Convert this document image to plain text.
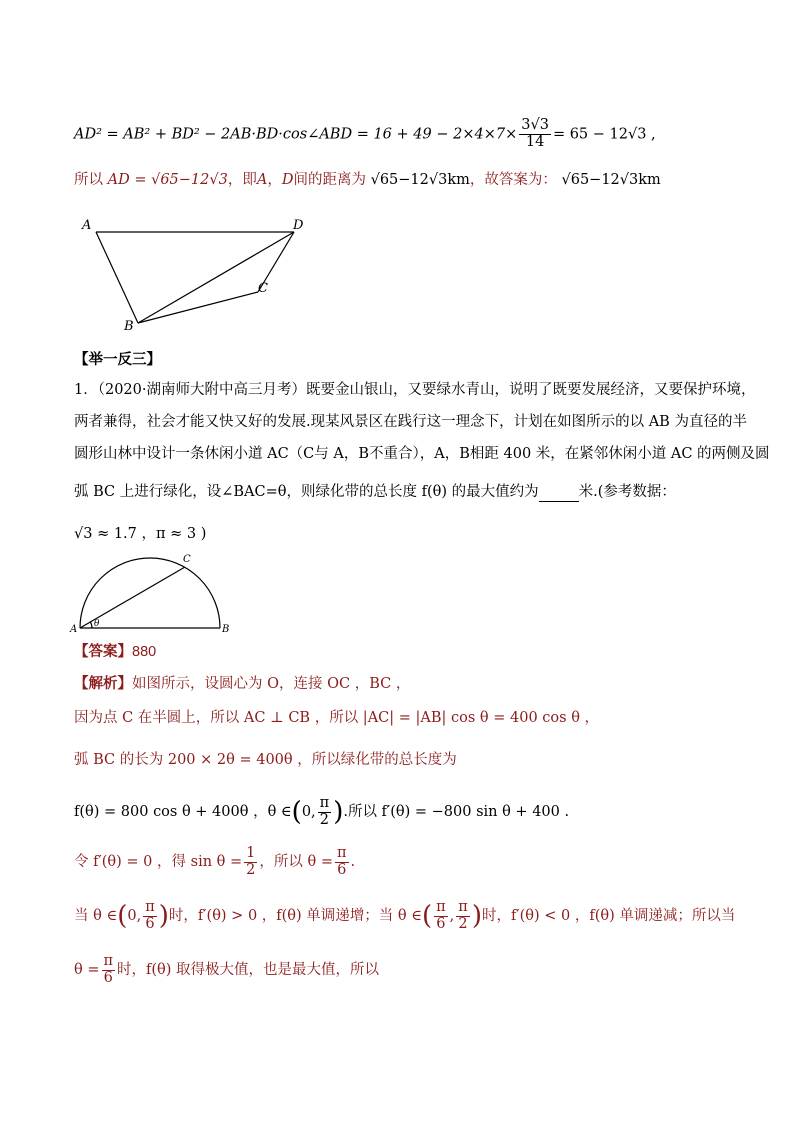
AD² = AB² + BD² − 2AB·BD·cos∠ABD = $16 + 49 - 2\times 4\times 7\times \frac{3√3}{14} = 65 - 12√3$ ,
所以 AD = √65−12√3，即A，D间的距离为 √65−12√3km，故答案为： √65−12√3km
A	D
C
B
【举一反三】
1．（2020·湖南师大附中高三月考）既要金山银山，又要绿水青山，说明了既要发展经济，又要保护环境，
两者兼得，社会才能又快又好的发展.现某风景区在践行这一理念下，计划在如图所示的以 AB 为直径的半
圆形山林中设计一条休闲小道 AC（C与 A，B不重合），A，B相距 400 米，在紧邻休闲小道 AC 的两侧及圆
弧 BC 上进行绿化，设∠BAC=θ，则绿化带的总长度 f(θ) 的最大值约为	米.(参考数据：
√3 ≈ 1.7 ，π ≈ 3 )
A	B
C
θ
【答案】880
【解析】如图所示，设圆心为 O，连接 OC ，BC ，
因为点 C 在半圆上，所以 AC ⊥ CB ，所以 |AC| = |AB| cos θ = 400 cos θ ，
弧 BC 的长为 200 × 2θ = 400θ ，所以绿化带的总长度为
f(θ) = 800 cos θ + 400θ ，θ ∈(0, $\frac{\pi}{2}$ ).所以 f′(θ) = −800 sin θ + 400 .
令 f′(θ) = 0 ，得 $\sin \theta = \frac{1}{2}$ ，所以 $\theta = \frac{\pi}{6}$ .
当 θ ∈(0, $\frac{\pi}{6}$ )时，f′(θ) > 0 ，f(θ) 单调递增；当 θ ∈( $\frac{\pi}{6}$ , $\frac{\pi}{2}$ )时，f′(θ) < 0 ，f(θ) 单调递减；所以当
$\theta = \frac{\pi}{6}$ 时，f(θ) 取得极大值，也是最大值，所以
